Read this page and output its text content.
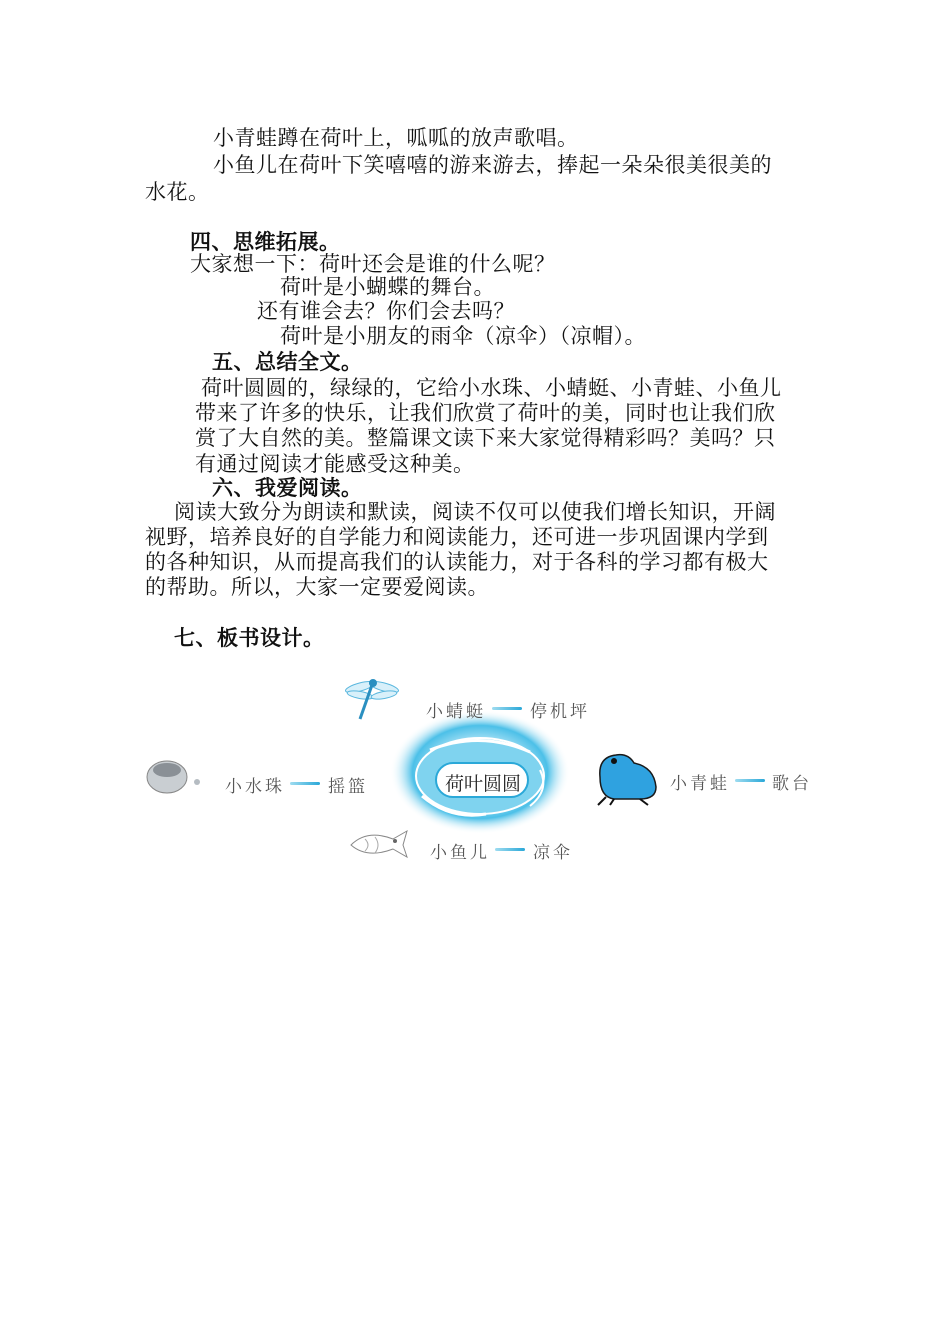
小青蛙蹲在荷叶上，呱呱的放声歌唱。
小鱼儿在荷叶下笑嘻嘻的游来游去，捧起一朵朵很美很美的
水花。
四、思维拓展。
大家想一下：荷叶还会是谁的什么呢？
荷叶是小蝴蝶的舞台。
还有谁会去？你们会去吗？
荷叶是小朋友的雨伞（凉伞）（凉帽）。
五、总结全文。
荷叶圆圆的，绿绿的，它给小水珠、小蜻蜓、小青蛙、小鱼儿
带来了许多的快乐，让我们欣赏了荷叶的美，同时也让我们欣
赏了大自然的美。整篇课文读下来大家觉得精彩吗？美吗？只
有通过阅读才能感受这种美。
六、我爱阅读。
阅读大致分为朗读和默读，阅读不仅可以使我们增长知识，开阔
视野，培养良好的自学能力和阅读能力，还可进一步巩固课内学到
的各种知识，从而提高我们的认读能力，对于各科的学习都有极大
的帮助。所以，大家一定要爱阅读。
七、板书设计。
荷叶圆圆
小蜻蜓	停机坪
小水珠	摇篮	小青蛙 歌台
小鱼儿	凉伞
